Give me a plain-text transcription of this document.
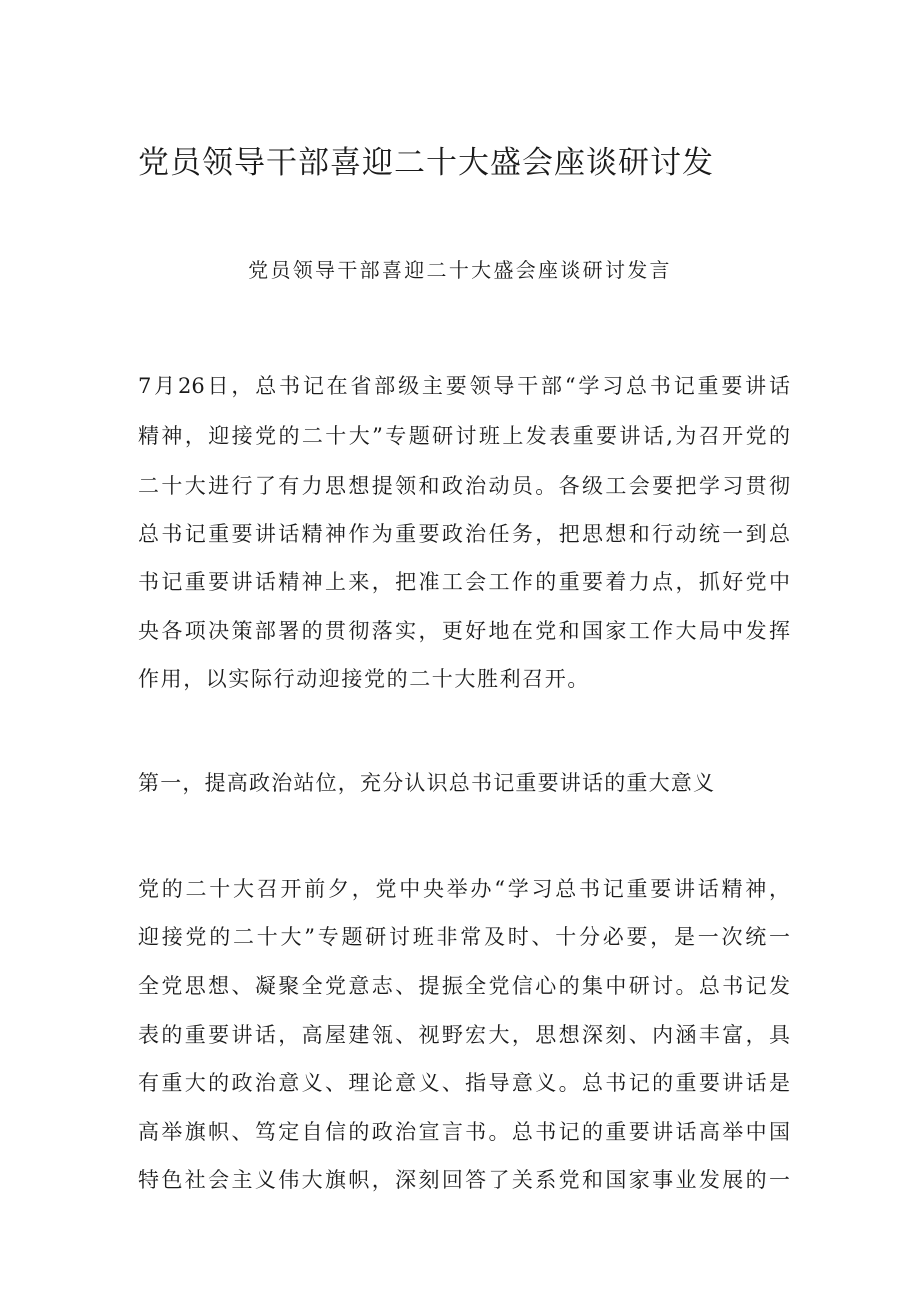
党员领导干部喜迎二十大盛会座谈研讨发
党员领导干部喜迎二十大盛会座谈研讨发言
7月26日，总书记在省部级主要领导干部“学习总书记重要讲话
精神，迎接党的二十大”专题研讨班上发表重要讲话,为召开党的
二十大进行了有力思想提领和政治动员。各级工会要把学习贯彻
总书记重要讲话精神作为重要政治任务，把思想和行动统一到总
书记重要讲话精神上来，把准工会工作的重要着力点，抓好党中
央各项决策部署的贯彻落实，更好地在党和国家工作大局中发挥
作用，以实际行动迎接党的二十大胜利召开。
第一，提高政治站位，充分认识总书记重要讲话的重大意义
党的二十大召开前夕，党中央举办“学习总书记重要讲话精神，
迎接党的二十大”专题研讨班非常及时、十分必要，是一次统一
全党思想、凝聚全党意志、提振全党信心的集中研讨。总书记发
表的重要讲话，高屋建瓴、视野宏大，思想深刻、内涵丰富，具
有重大的政治意义、理论意义、指导意义。总书记的重要讲话是
高举旗帜、笃定自信的政治宣言书。总书记的重要讲话高举中国
特色社会主义伟大旗帜，深刻回答了关系党和国家事业发展的一
